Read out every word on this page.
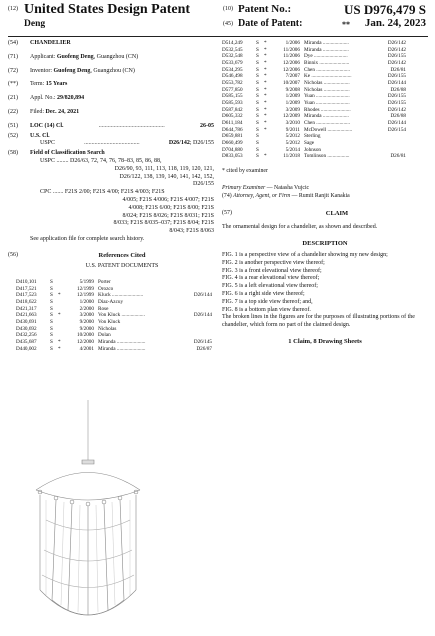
(12) United States Design Patent
Deng
(10) Patent No.:	US D976,479 S
(45) Date of Patent:	** Jan. 24, 2023
(54)	CHANDELIER
(71)	Applicant: Guofeng Deng, Guangzhou (CN)
(72)	Inventor: Guofeng Deng, Guangzhou (CN)
(**)	Term: 15 Years
(21)	Appl. No.: 29/820,894
(22)	Filed: Dec. 24, 2021
(51)	LOC (14) Cl.	............................................	26-05
(52)	U.S. Cl.
USPC	.....................................	D26/142; D26/155
(58)	Field of Classification Search
USPC ........ D26/63, 72, 74, 76, 78–83, 85, 86, 88,
D26/90, 93, 111, 113, 118, 119, 120, 121,
D26/122, 138, 139, 140, 141, 142, 152,
D26/155
CPC ....... F21S 2/00; F21S 4/00; F21S 4/003; F21S
4/005; F21S 4/006; F21S 4/007; F21S
4/008; F21S 6/00; F21S 8/00; F21S
8/024; F21S 8/026; F21S 8/031; F21S
8/033; F21S 8/035–037; F21S 8/04; F21S
8/043; F21S 8/063
See application file for complete search history.
(56)	References Cited
U.S. PATENT DOCUMENTS
D410,101	S		5/1999	Porter	
D417,521	S		12/1999	Orozco	
D417,523	S	*	12/1999	Kluck ........................	D26/144
D418,622	S		1/2000	Diaz-Azcuy	
D421,317	S		2/2000	Rose	
D421,663	S	*	3/2000	Von Kluck ..................	D26/144
D430,691	S		9/2000	Von Kluck	
D430,692	S		9/2000	Nicholas	
D432,256	S		10/2000	Dolan	
D435,687	S	*	12/2000	Miranda ......................	D26/145
D440,002	S	*	4/2001	Miranda ......................	D26/87
D514,249	S	*	1/2006	Miranda ....................	D26/142
D532,545	S	*	11/2006	Miranda ....................	D26/142
D532,548	S	*	11/2006	Dye ..........................	D26/155
D533,679	S	*	12/2006	Binnix .......................	D26/142
D534,295	S	*	12/2006	Chen ..........................	D26/81
D546,498	S	*	7/2007	Ke ...............................	D26/155
D553,782	S	*	10/2007	Nicholas ....................	D26/144
D577,850	S	*	9/2008	Nicholas ....................	D26/88
D585,155	S	*	1/2009	Yuan ..........................	D26/155
D585,593	S	*	1/2009	Yuan ..........................	D26/155
D587,842	S	*	3/2009	Rhodes .......................	D26/142
D605,332	S	*	12/2009	Miranda ....................	D26/88
D611,184	S	*	3/2010	Chen ..........................	D26/144
D644,786	S	*	9/2011	McDowell ...................	D26/154
D659,881	S		5/2012	Sterling	
D660,499	S		5/2012	Sage	
D704,880	S		5/2014	Johnson	
D833,053	S	*	11/2018	Tomlinson .................	D26/81
* cited by examiner
Primary Examiner — Natasha Vujcic
(74) Attorney, Agent, or Firm — Rumit Ranjit Kanakia
(57)	CLAIM
The ornamental design for a chandelier, as shown and described.
DESCRIPTION

FIG. 1 is a perspective view of a chandelier showing my new design;

FIG. 2 is another perspective view thereof;

FIG. 3 is a front elevational view thereof;

FIG. 4 is a rear elevational view thereof;

FIG. 5 is a left elevational view thereof;

FIG. 6 is a right side view thereof;

FIG. 7 is a top side view thereof; and,

FIG. 8 is a bottom plan view thereof.

The broken lines in the figures are for the purposes of illustrating portions of the chandelier, which form no part of the claimed design.

1 Claim, 8 Drawing Sheets
